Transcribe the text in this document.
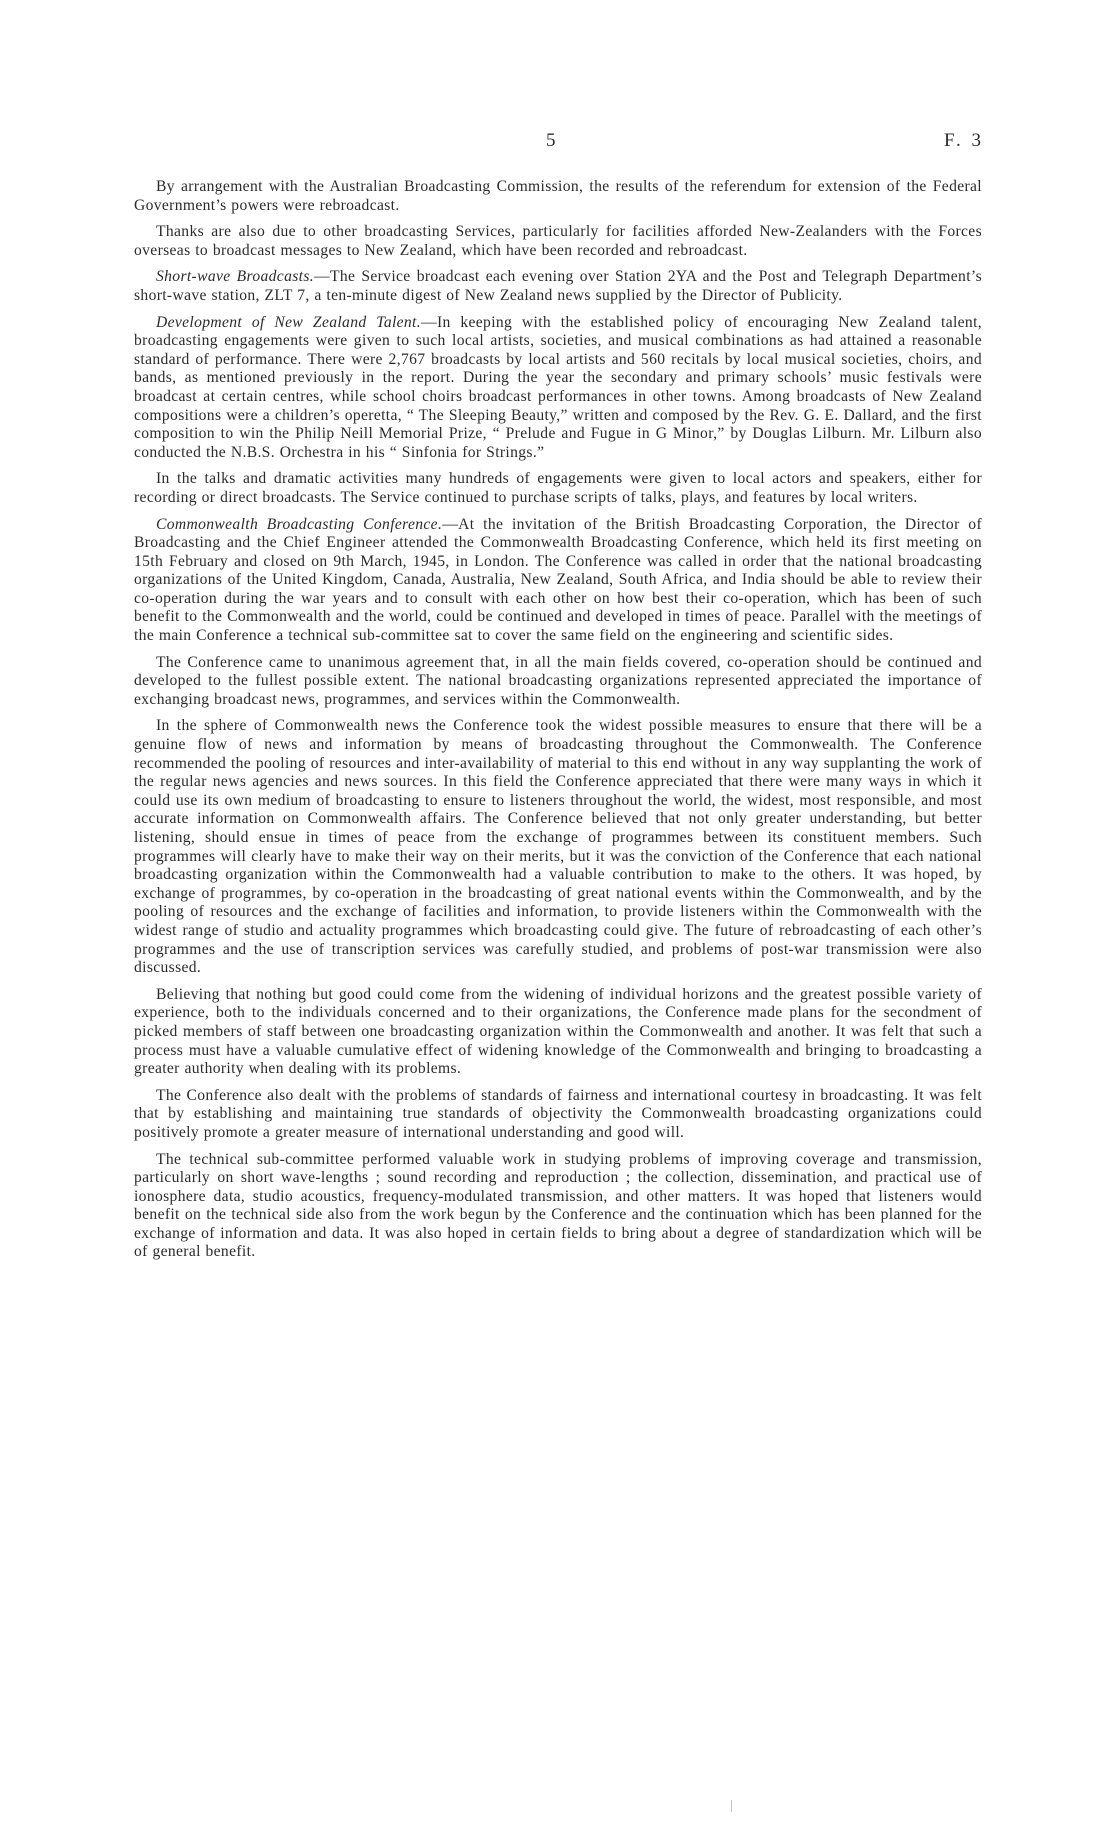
5	F. 3

By arrangement with the Australian Broadcasting Commission, the results of the referendum for extension of the Federal Government’s powers were rebroadcast.

Thanks are also due to other broadcasting Services, particularly for facilities afforded New-Zealanders with the Forces overseas to broadcast messages to New Zealand, which have been recorded and rebroadcast.

Short-wave Broadcasts.—The Service broadcast each evening over Station 2YA and the Post and Telegraph Department’s short-wave station, ZLT 7, a ten-minute digest of New Zealand news supplied by the Director of Publicity.

Development of New Zealand Talent.—In keeping with the established policy of encouraging New Zealand talent, broadcasting engagements were given to such local artists, societies, and musical combinations as had attained a reasonable standard of performance. There were 2,767 broadcasts by local artists and 560 recitals by local musical societies, choirs, and bands, as mentioned previously in the report. During the year the secondary and primary schools’ music festivals were broadcast at certain centres, while school choirs broadcast performances in other towns. Among broadcasts of New Zealand compositions were a children’s operetta, “ The Sleeping Beauty,” written and composed by the Rev. G. E. Dallard, and the first composition to win the Philip Neill Memorial Prize, “ Prelude and Fugue in G Minor,” by Douglas Lilburn. Mr. Lilburn also conducted the N.B.S. Orchestra in his “ Sinfonia for Strings.”

In the talks and dramatic activities many hundreds of engagements were given to local actors and speakers, either for recording or direct broadcasts. The Service continued to purchase scripts of talks, plays, and features by local writers.

Commonwealth Broadcasting Conference.—At the invitation of the British Broadcasting Corporation, the Director of Broadcasting and the Chief Engineer attended the Commonwealth Broadcasting Conference, which held its first meeting on 15th February and closed on 9th March, 1945, in London. The Conference was called in order that the national broadcasting organizations of the United Kingdom, Canada, Australia, New Zealand, South Africa, and India should be able to review their co-operation during the war years and to consult with each other on how best their co-operation, which has been of such benefit to the Commonwealth and the world, could be continued and developed in times of peace. Parallel with the meetings of the main Conference a technical sub-committee sat to cover the same field on the engineering and scientific sides.

The Conference came to unanimous agreement that, in all the main fields covered, co-operation should be continued and developed to the fullest possible extent. The national broadcasting organizations represented appreciated the importance of exchanging broadcast news, programmes, and services within the Commonwealth.

In the sphere of Commonwealth news the Conference took the widest possible measures to ensure that there will be a genuine flow of news and information by means of broadcasting throughout the Commonwealth. The Conference recommended the pooling of resources and inter-availability of material to this end without in any way supplanting the work of the regular news agencies and news sources. In this field the Conference appreciated that there were many ways in which it could use its own medium of broadcasting to ensure to listeners throughout the world, the widest, most responsible, and most accurate information on Commonwealth affairs. The Conference believed that not only greater understanding, but better listening, should ensue in times of peace from the exchange of programmes between its constituent members. Such programmes will clearly have to make their way on their merits, but it was the conviction of the Conference that each national broadcasting organization within the Commonwealth had a valuable contribution to make to the others. It was hoped, by exchange of programmes, by co-operation in the broadcasting of great national events within the Commonwealth, and by the pooling of resources and the exchange of facilities and information, to provide listeners within the Commonwealth with the widest range of studio and actuality programmes which broadcasting could give. The future of rebroadcasting of each other’s programmes and the use of transcription services was carefully studied, and problems of post-war transmission were also discussed.

Believing that nothing but good could come from the widening of individual horizons and the greatest possible variety of experience, both to the individuals concerned and to their organizations, the Conference made plans for the secondment of picked members of staff between one broadcasting organization within the Commonwealth and another. It was felt that such a process must have a valuable cumulative effect of widening knowledge of the Commonwealth and bringing to broadcasting a greater authority when dealing with its problems.

The Conference also dealt with the problems of standards of fairness and international courtesy in broadcasting. It was felt that by establishing and maintaining true standards of objectivity the Commonwealth broadcasting organizations could positively promote a greater measure of international understanding and good will.

The technical sub-committee performed valuable work in studying problems of improving coverage and transmission, particularly on short wave-lengths ; sound recording and reproduction ; the collection, dissemination, and practical use of ionosphere data, studio acoustics, frequency-modulated transmission, and other matters. It was hoped that listeners would benefit on the technical side also from the work begun by the Conference and the continuation which has been planned for the exchange of information and data. It was also hoped in certain fields to bring about a degree of standardization which will be of general benefit.
